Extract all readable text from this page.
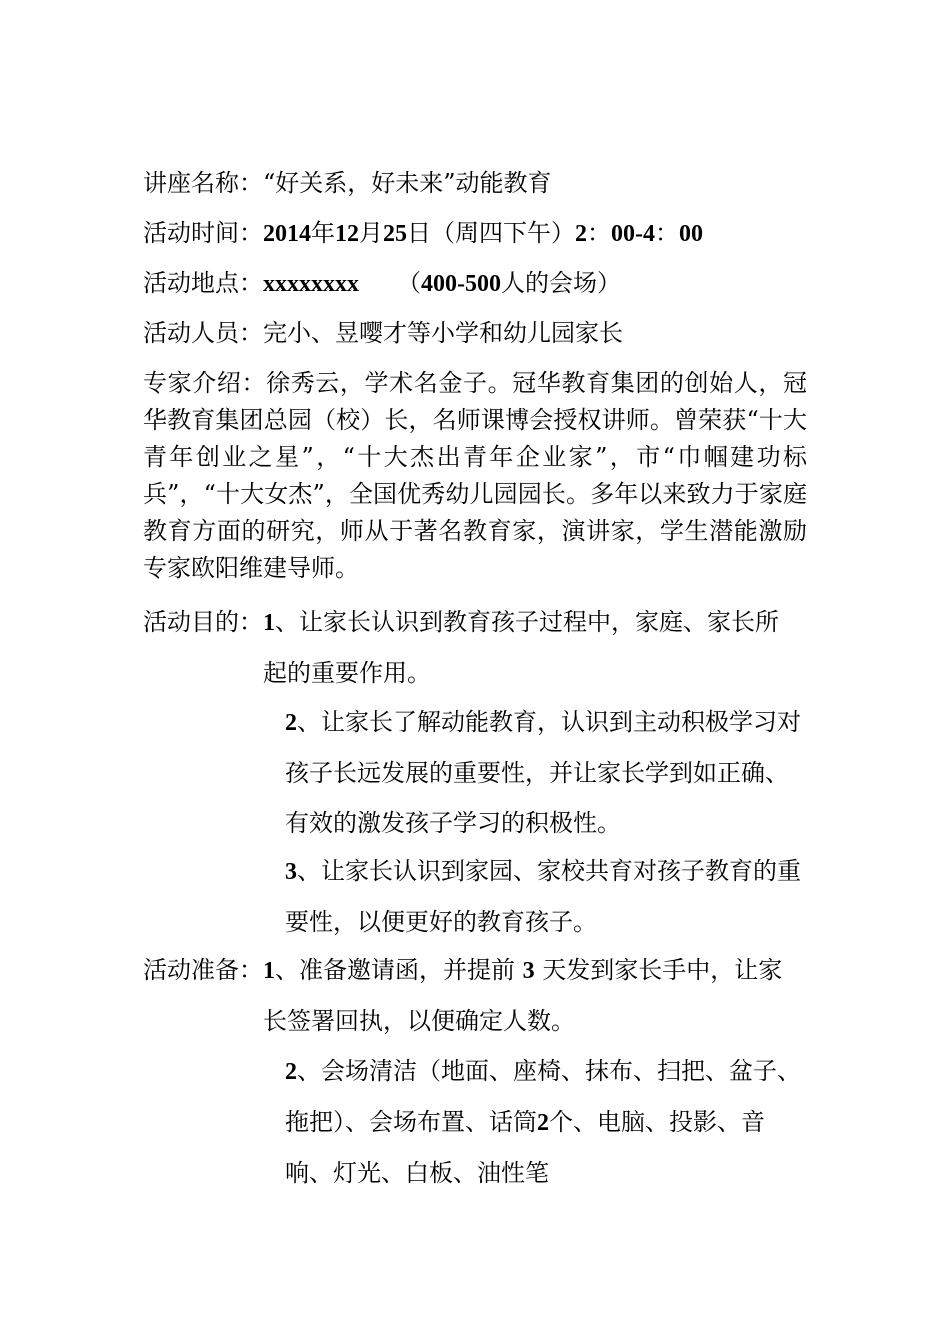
讲座名称：“好关系，好未来”动能教育
活动时间：2014年12月25日（周四下午）2：00-4：00
活动地点：xxxxxxxx （400-500人的会场）
活动人员：完小、昱嘤才等小学和幼儿园家长
专家介绍：徐秀云，学术名金子。冠华教育集团的创始人，冠华教育集团总园（校）长，名师课博会授权讲师。曾荣获“十大青年创业之星”，“十大杰出青年企业家”，市“巾帼建功标兵”，“十大女杰”，全国优秀幼儿园园长。多年以来致力于家庭教育方面的研究，师从于著名教育家，演讲家，学生潜能激励专家欧阳维建导师。
活动目的： 1、让家长认识到教育孩子过程中，家庭、家长所起的重要作用。
2、让家长了解动能教育，认识到主动积极学习对孩子长远发展的重要性，并让家长学到如正确、有效的激发孩子学习的积极性。
3、让家长认识到家园、家校共育对孩子教育的重要性，以便更好的教育孩子。
活动准备： 1、准备邀请函，并提前 3 天发到家长手中，让家长签署回执，以便确定人数。
2、会场清洁（地面、座椅、抹布、扫把、盆子、拖把）、会场布置、话筒2个、电脑、投影、音响、灯光、白板、油性笔
